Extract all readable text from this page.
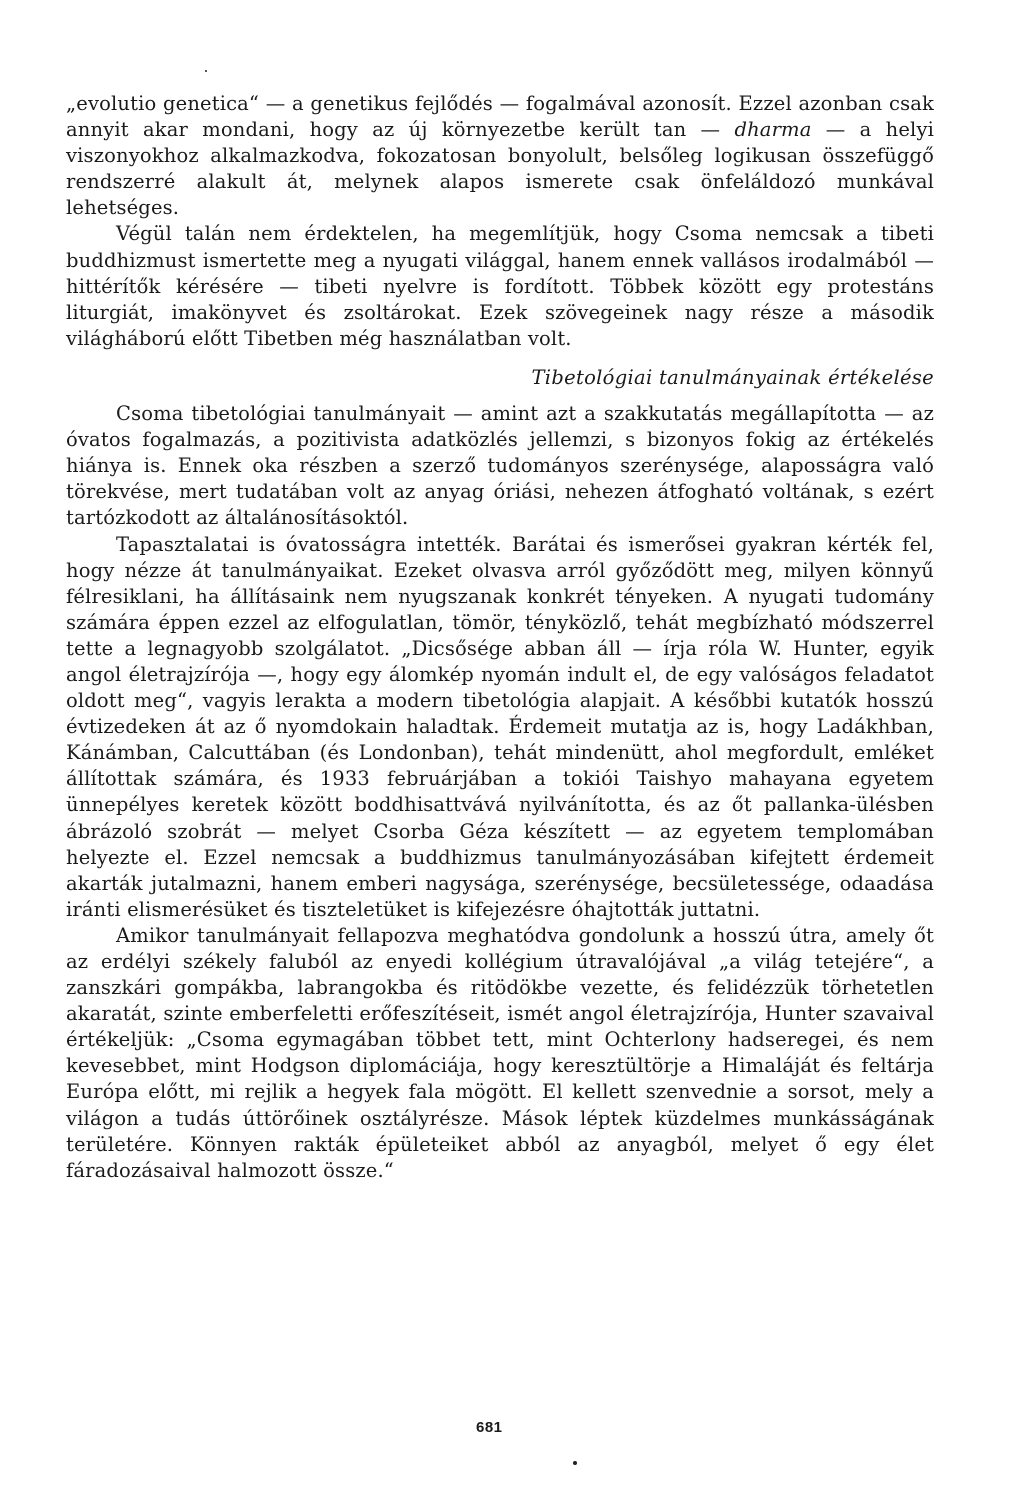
„evolutio genetica“ — a genetikus fejlődés — fogalmával azonosít. Ezzel azonban csak annyit akar mondani, hogy az új környezetbe került tan — dharma — a helyi viszonyokhoz alkalmazkodva, fokozatosan bonyolult, belsőleg logikusan összefüggő rendszerré alakult át, melynek alapos ismerete csak önfeláldozó munkával lehetséges.

Végül talán nem érdektelen, ha megemlítjük, hogy Csoma nemcsak a tibeti buddhizmust ismertette meg a nyugati világgal, hanem ennek vallásos irodalmából — hittérítők kérésére — tibeti nyelvre is fordított. Többek között egy protestáns liturgiát, imakönyvet és zsoltárokat. Ezek szövegeinek nagy része a második világháború előtt Tibetben még használatban volt.

Tibetológiai tanulmányainak értékelése

Csoma tibetológiai tanulmányait — amint azt a szakkutatás megállapította — az óvatos fogalmazás, a pozitivista adatközlés jellemzi, s bizonyos fokig az értékelés hiánya is. Ennek oka részben a szerző tudományos szerénysége, alaposságra való törekvése, mert tudatában volt az anyag óriási, nehezen átfogható voltának, s ezért tartózkodott az általánosításoktól.

Tapasztalatai is óvatosságra intették. Barátai és ismerősei gyakran kérték fel, hogy nézze át tanulmányaikat. Ezeket olvasva arról győződött meg, milyen könnyű félresiklani, ha állításaink nem nyugszanak konkrét tényeken. A nyugati tudomány számára éppen ezzel az elfogulatlan, tömör, tényközlő, tehát megbízható módszerrel tette a legnagyobb szolgálatot. „Dicsősége abban áll — írja róla W. Hunter, egyik angol életrajzírója —, hogy egy álomkép nyomán indult el, de egy valóságos feladatot oldott meg“, vagyis lerakta a modern tibetológia alapjait. A későbbi kutatók hosszú évtizedeken át az ő nyomdokain haladtak. Érdemeit mutatja az is, hogy Ladákhban, Kánámban, Calcuttában (és Londonban), tehát mindenütt, ahol megfordult, emléket állítottak számára, és 1933 februárjában a tokiói Taishyo mahayana egyetem ünnepélyes keretek között boddhisattvává nyilvánította, és az őt pallanka-ülésben ábrázoló szobrát — melyet Csorba Géza készített — az egyetem templomában helyezte el. Ezzel nemcsak a buddhizmus tanulmányozásában kifejtett érdemeit akarták jutalmazni, hanem emberi nagysága, szerénysége, becsületessége, odaadása iránti elismerésüket és tiszteletüket is kifejezésre óhajtották juttatni.

Amikor tanulmányait fellapozva meghatódva gondolunk a hosszú útra, amely őt az erdélyi székely faluból az enyedi kollégium útravalójával „a világ tetejére“, a zanszkári gompákba, labrangokba és ritödökbe vezette, és felidézzük törhetetlen akaratát, szinte emberfeletti erőfeszítéseit, ismét angol életrajzírója, Hunter szavaival értékeljük: „Csoma egymagában többet tett, mint Ochterlony hadseregei, és nem kevesebbet, mint Hodgson diplomáciája, hogy keresztültörje a Himaláját és feltárja Európa előtt, mi rejlik a hegyek fala mögött. El kellett szenvednie a sorsot, mely a világon a tudás úttörőinek osztályrésze. Mások léptek küzdelmes munkásságának területére. Könnyen rakták épületeiket abból az anyagból, melyet ő egy élet fáradozásaival halmozott össze.“

681
